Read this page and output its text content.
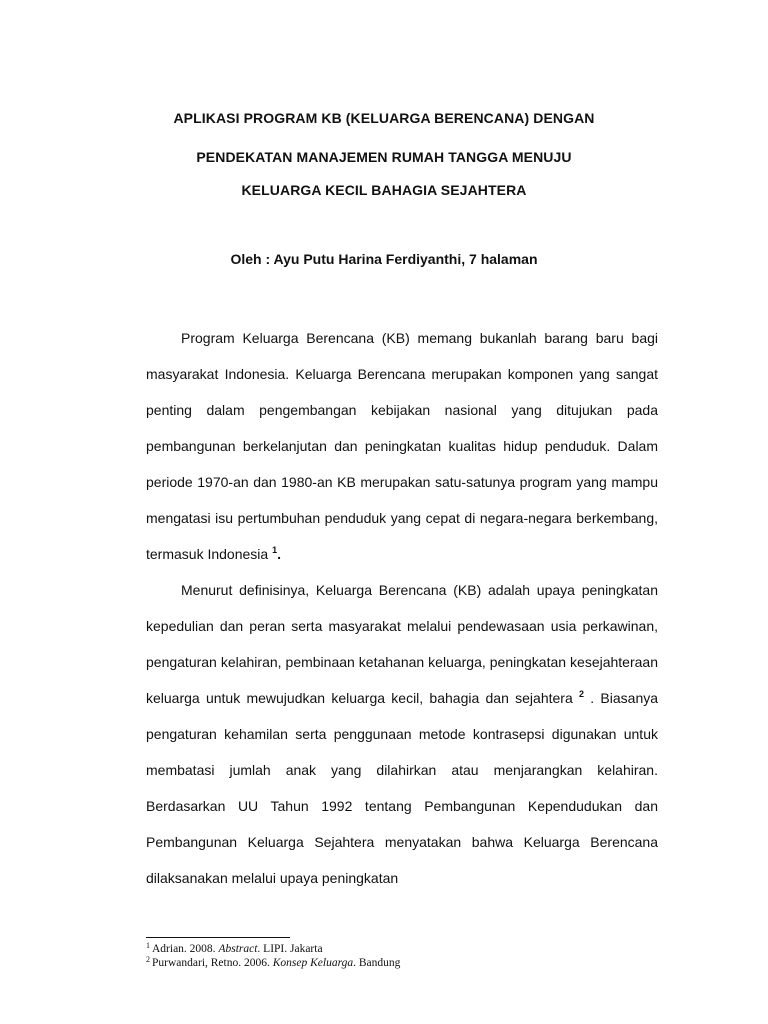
APLIKASI PROGRAM KB (KELUARGA BERENCANA) DENGAN
PENDEKATAN MANAJEMEN RUMAH TANGGA MENUJU
KELUARGA KECIL BAHAGIA SEJAHTERA
Oleh : Ayu Putu Harina Ferdiyanthi, 7 halaman

Program Keluarga Berencana (KB) memang bukanlah barang baru bagi masyarakat Indonesia. Keluarga Berencana merupakan komponen yang sangat penting dalam pengembangan kebijakan nasional yang ditujukan pada pembangunan berkelanjutan dan peningkatan kualitas hidup penduduk. Dalam periode 1970-an dan 1980-an KB merupakan satu-satunya program yang mampu mengatasi isu pertumbuhan penduduk yang cepat di negara-negara berkembang, termasuk Indonesia $^1$.

Menurut definisinya, Keluarga Berencana (KB) adalah upaya peningkatan kepedulian dan peran serta masyarakat melalui pendewasaan usia perkawinan, pengaturan kelahiran, pembinaan ketahanan keluarga, peningkatan kesejahteraan keluarga untuk mewujudkan keluarga kecil, bahagia dan sejahtera $^2$ . Biasanya pengaturan kehamilan serta penggunaan metode kontrasepsi digunakan untuk membatasi jumlah anak yang dilahirkan atau menjarangkan kelahiran. Berdasarkan UU Tahun 1992 tentang Pembangunan Kependudukan dan Pembangunan Keluarga Sejahtera menyatakan bahwa Keluarga Berencana dilaksanakan melalui upaya peningkatan

$^1$ Adrian. 2008. Abstract. LIPI. Jakarta
$^2$ Purwandari, Retno. 2006. Konsep Keluarga. Bandung
